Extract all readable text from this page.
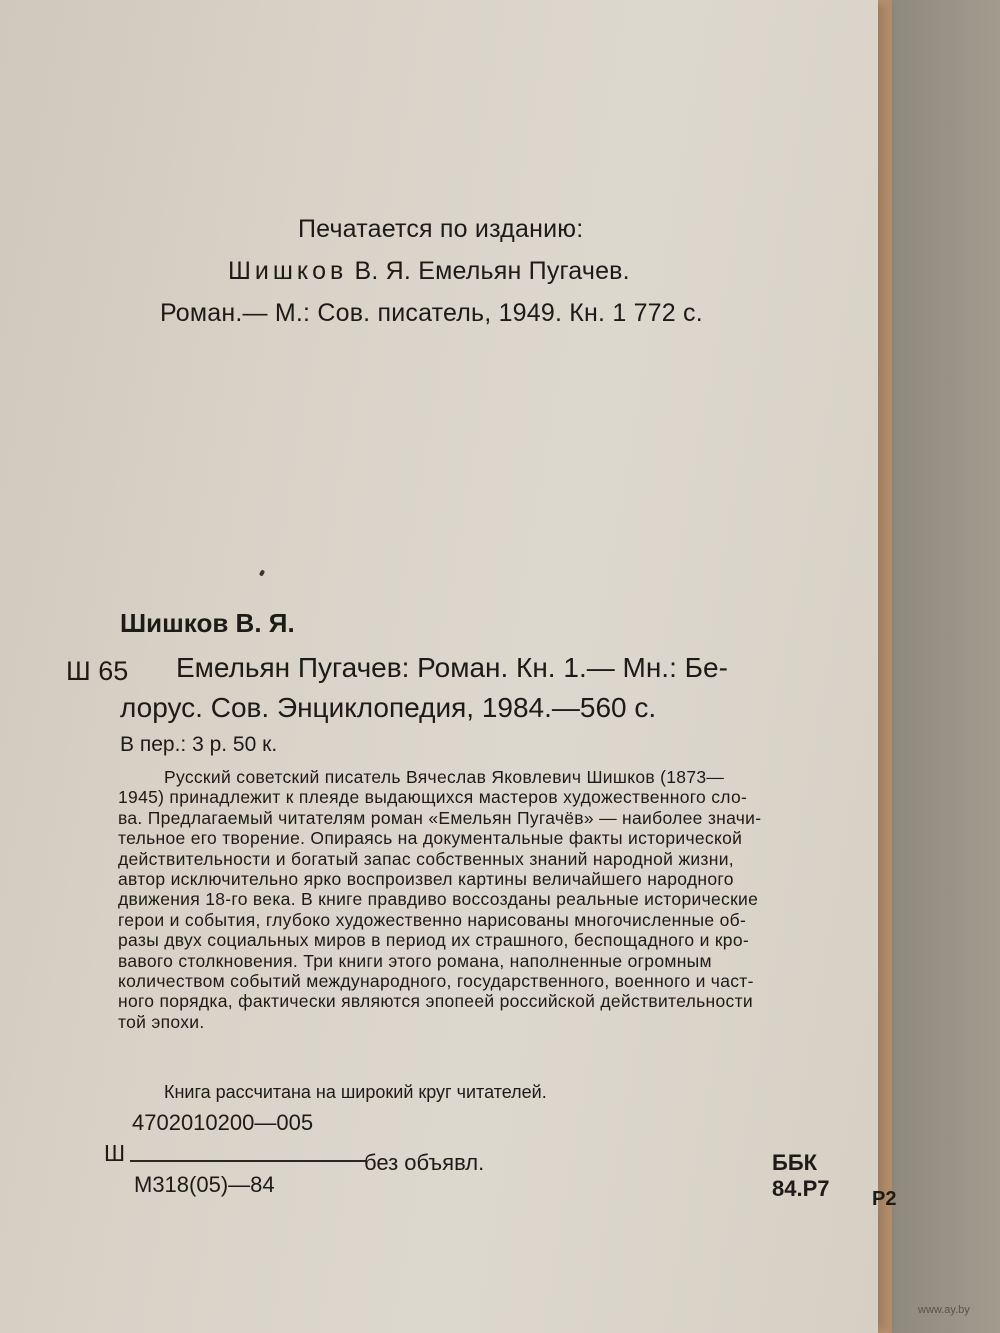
Печатается по изданию:
Шишков В. Я. Емельян Пугачев.
Роман.— М.: Сов. писатель, 1949. Кн. 1 772 с.
Шишков В. Я.
Ш 65 Емельян Пугачев: Роман. Кн. 1.— Мн.: Бе-
лорус. Сов. Энциклопедия, 1984.—560 с.
В пер.: 3 р. 50 к.
Русский советский писатель Вячеслав Яковлевич Шишков (1873—
1945) принадлежит к плеяде выдающихся мастеров художественного сло-
ва. Предлагаемый читателям роман «Емельян Пугачёв» — наиболее значи-
тельное его творение. Опираясь на документальные факты исторической
действительности и богатый запас собственных знаний народной жизни,
автор исключительно ярко воспроизвел картины величайшего народного
движения 18-го века. В книге правдиво воссозданы реальные исторические
герои и события, глубоко художественно нарисованы многочисленные об-
разы двух социальных миров в период их страшного, беспощадного и кро-
вавого столкновения. Три книги этого романа, наполненные огромным
количеством событий международного, государственного, военного и част-
ного порядка, фактически являются эпопеей российской действительности
той эпохи.
Книга рассчитана на широкий круг читателей.
4702010200—005
Ш	без объявл.
М318(05)—84
ББК 84.Р7	Р2
www.ay.by
